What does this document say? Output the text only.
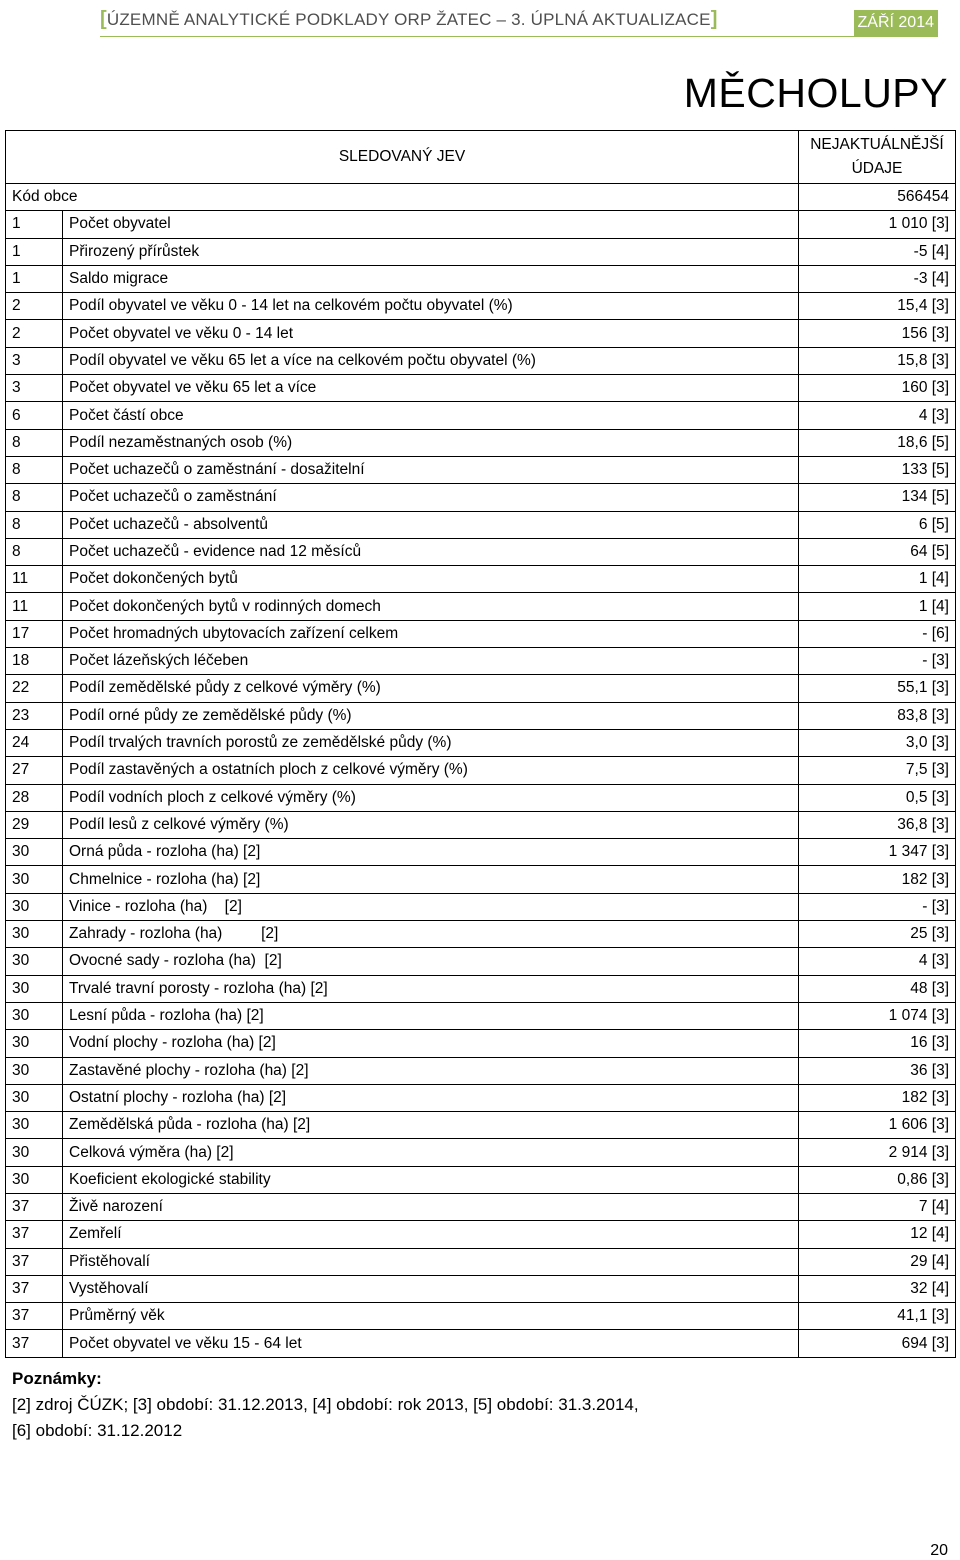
[ÚZEMNĚ ANALYTICKÉ PODKLADY ORP ŽATEC – 3. ÚPLNÁ AKTUALIZACE]	ZÁŘÍ 2014
MĚCHOLUPY
SLEDOVANÝ JEV		NEJAKTUÁLNĚJŠÍ
ÚDAJE
Kód obce		566454
1	Počet obyvatel	1 010 [3]
1	Přirozený přírůstek	-5 [4]
1	Saldo migrace	-3 [4]
2	Podíl obyvatel ve věku 0 - 14 let na celkovém počtu obyvatel (%)	15,4 [3]
2	Počet obyvatel ve věku 0 - 14 let	156 [3]
3	Podíl obyvatel ve věku 65 let a více na celkovém počtu obyvatel (%)	15,8 [3]
3	Počet obyvatel ve věku 65 let a více	160 [3]
6	Počet částí obce	4 [3]
8	Podíl nezaměstnaných osob (%)	18,6 [5]
8	Počet uchazečů o zaměstnání - dosažitelní	133 [5]
8	Počet uchazečů o zaměstnání	134 [5]
8	Počet uchazečů - absolventů	6 [5]
8	Počet uchazečů - evidence nad 12 měsíců	64 [5]
11	Počet dokončených bytů	1 [4]
11	Počet dokončených bytů v rodinných domech	1 [4]
17	Počet hromadných ubytovacích zařízení celkem	- [6]
18	Počet lázeňských léčeben	- [3]
22	Podíl zemědělské půdy z celkové výměry (%)	55,1 [3]
23	Podíl orné půdy ze zemědělské půdy (%)	83,8 [3]
24	Podíl trvalých travních porostů ze zemědělské půdy (%)	3,0 [3]
27	Podíl zastavěných a ostatních ploch z celkové výměry (%)	7,5 [3]
28	Podíl vodních ploch z celkové výměry (%)	0,5 [3]
29	Podíl lesů z celkové výměry (%)	36,8 [3]
30	Orná půda - rozloha (ha) [2]	1 347 [3]
30	Chmelnice - rozloha (ha) [2]	182 [3]
30	Vinice - rozloha (ha)    [2]	- [3]
30	Zahrady - rozloha (ha)         [2]	25 [3]
30	Ovocné sady - rozloha (ha)  [2]	4 [3]
30	Trvalé travní porosty - rozloha (ha) [2]	48 [3]
30	Lesní půda - rozloha (ha) [2]	1 074 [3]
30	Vodní plochy - rozloha (ha) [2]	16 [3]
30	Zastavěné plochy - rozloha (ha) [2]	36 [3]
30	Ostatní plochy - rozloha (ha) [2]	182 [3]
30	Zemědělská půda - rozloha (ha) [2]	1 606 [3]
30	Celková výměra (ha) [2]	2 914 [3]
30	Koeficient ekologické stability	0,86 [3]
37	Živě narození	7 [4]
37	Zemřelí	12 [4]
37	Přistěhovalí	29 [4]
37	Vystěhovalí	32 [4]
37	Průměrný věk	41,1 [3]
37	Počet obyvatel ve věku 15 - 64 let	694 [3]
Poznámky:
[2] zdroj ČÚZK; [3] období: 31.12.2013, [4] období: rok 2013, [5] období: 31.3.2014,
[6] období: 31.12.2012
20
